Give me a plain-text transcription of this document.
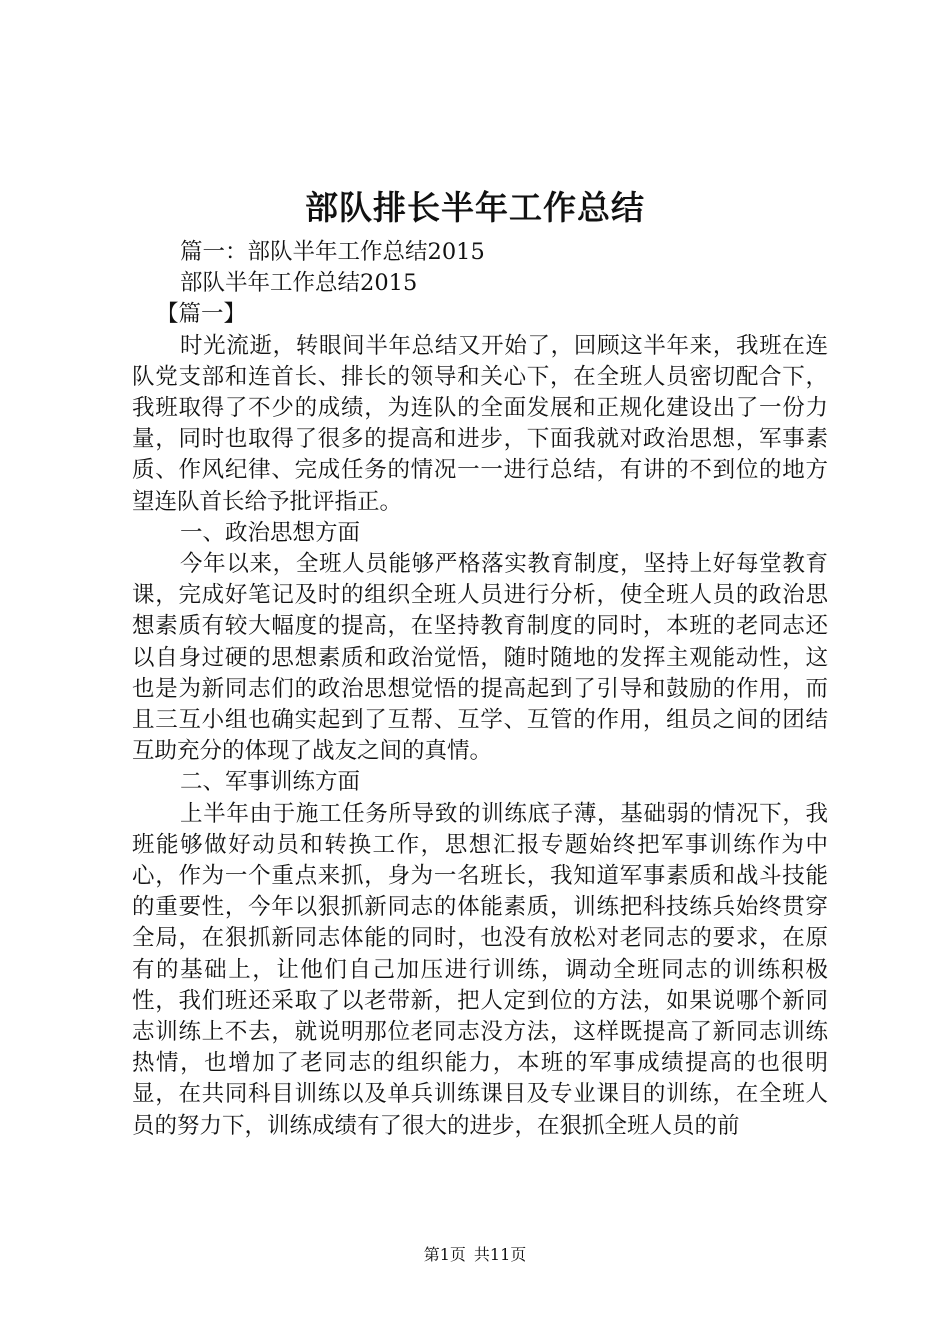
部队排长半年工作总结

篇一：部队半年工作总结2015

部队半年工作总结2015

【篇一】

时光流逝，转眼间半年总结又开始了，回顾这半年来，我班在连队党支部和连首长、排长的领导和关心下，在全班人员密切配合下，我班取得了不少的成绩，为连队的全面发展和正规化建设出了一份力量，同时也取得了很多的提高和进步，下面我就对政治思想，军事素质、作风纪律、完成任务的情况一一进行总结，有讲的不到位的地方望连队首长给予批评指正。

一、政治思想方面

今年以来，全班人员能够严格落实教育制度，坚持上好每堂教育课，完成好笔记及时的组织全班人员进行分析，使全班人员的政治思想素质有较大幅度的提高，在坚持教育制度的同时，本班的老同志还以自身过硬的思想素质和政治觉悟，随时随地的发挥主观能动性，这也是为新同志们的政治思想觉悟的提高起到了引导和鼓励的作用，而且三互小组也确实起到了互帮、互学、互管的作用，组员之间的团结互助充分的体现了战友之间的真情。

二、军事训练方面

上半年由于施工任务所导致的训练底子薄，基础弱的情况下，我班能够做好动员和转换工作，思想汇报专题始终把军事训练作为中心，作为一个重点来抓，身为一名班长，我知道军事素质和战斗技能的重要性，今年以狠抓新同志的体能素质，训练把科技练兵始终贯穿全局，在狠抓新同志体能的同时，也没有放松对老同志的要求，在原有的基础上，让他们自己加压进行训练，调动全班同志的训练积极性，我们班还采取了以老带新，把人定到位的方法，如果说哪个新同志训练上不去，就说明那位老同志没方法，这样既提高了新同志训练热情，也增加了老同志的组织能力，本班的军事成绩提高的也很明显，在共同科目训练以及单兵训练课目及专业课目的训练，在全班人员的努力下，训练成绩有了很大的进步，在狠抓全班人员的前

第1页 共11页
